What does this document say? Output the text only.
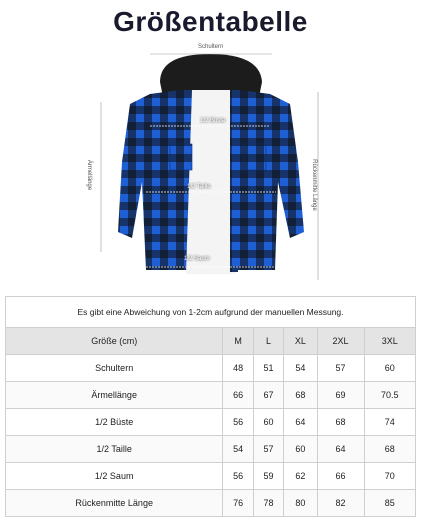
Größentabelle
Schultern
1/2 Büste
1/2 Taille
1/2 Saum
Ärmellänge	Rückenmitte Länge
Es gibt eine Abweichung von 1-2cm aufgrund der manuellen Messung.					
Größe (cm)	M	L	XL	2XL	3XL
Schultern	48	51	54	57	60
Ärmellänge	66	67	68	69	70.5
1/2 Büste	56	60	64	68	74
1/2 Taille	54	57	60	64	68
1/2 Saum	56	59	62	66	70
Rückenmitte Länge	76	78	80	82	85
